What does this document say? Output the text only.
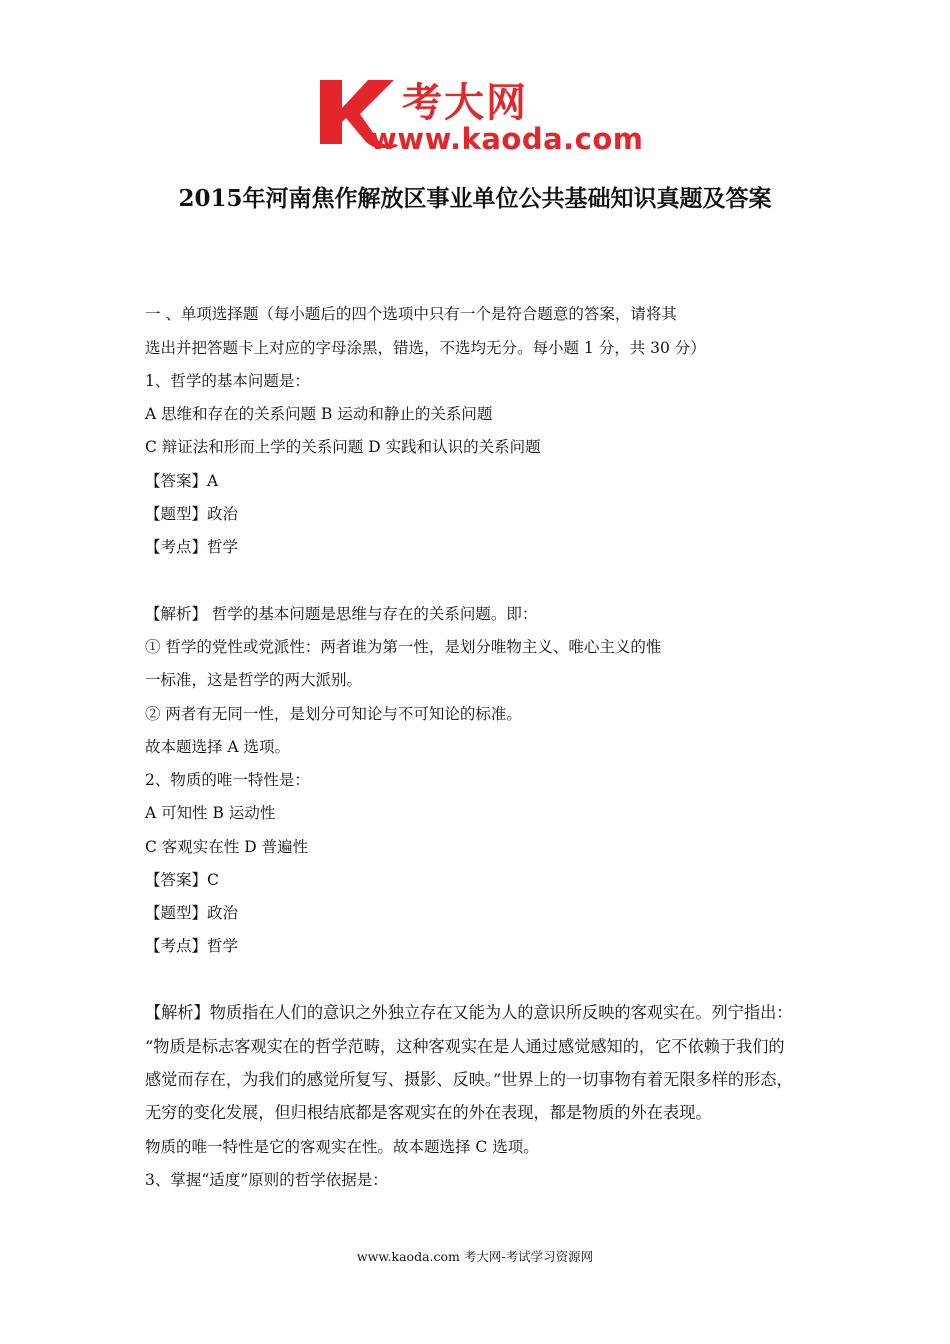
考大网
www.kaoda.com
2015年河南焦作解放区事业单位公共基础知识真题及答案
一 、单项选择题（每小题后的四个选项中只有一个是符合题意的答案，请将其
选出并把答题卡上对应的字母涂黑，错选，不选均无分。每小题 1 分，共 30 分）
1、哲学的基本问题是：
A 思维和存在的关系问题 B 运动和静止的关系问题
C 辩证法和形而上学的关系问题 D 实践和认识的关系问题
【答案】A
【题型】政治
【考点】哲学
【解析】 哲学的基本问题是思维与存在的关系问题。即：
① 哲学的党性或党派性：两者谁为第一性，是划分唯物主义、唯心主义的惟
一标准，这是哲学的两大派别。
② 两者有无同一性，是划分可知论与不可知论的标准。
故本题选择 A 选项。
2、物质的唯一特性是：
A 可知性 B 运动性
C 客观实在性 D 普遍性
【答案】C
【题型】政治
【考点】哲学
【解析】物质指在人们的意识之外独立存在又能为人的意识所反映的客观实在。列宁指出：
“物质是标志客观实在的哲学范畴，这种客观实在是人通过感觉感知的，它不依赖于我们的
感觉而存在，为我们的感觉所复写、摄影、反映。”世界上的一切事物有着无限多样的形态，
无穷的变化发展，但归根结底都是客观实在的外在表现，都是物质的外在表现。
物质的唯一特性是它的客观实在性。故本题选择 C 选项。
3、掌握“适度”原则的哲学依据是：
www.kaoda.com 考大网-考试学习资源网
